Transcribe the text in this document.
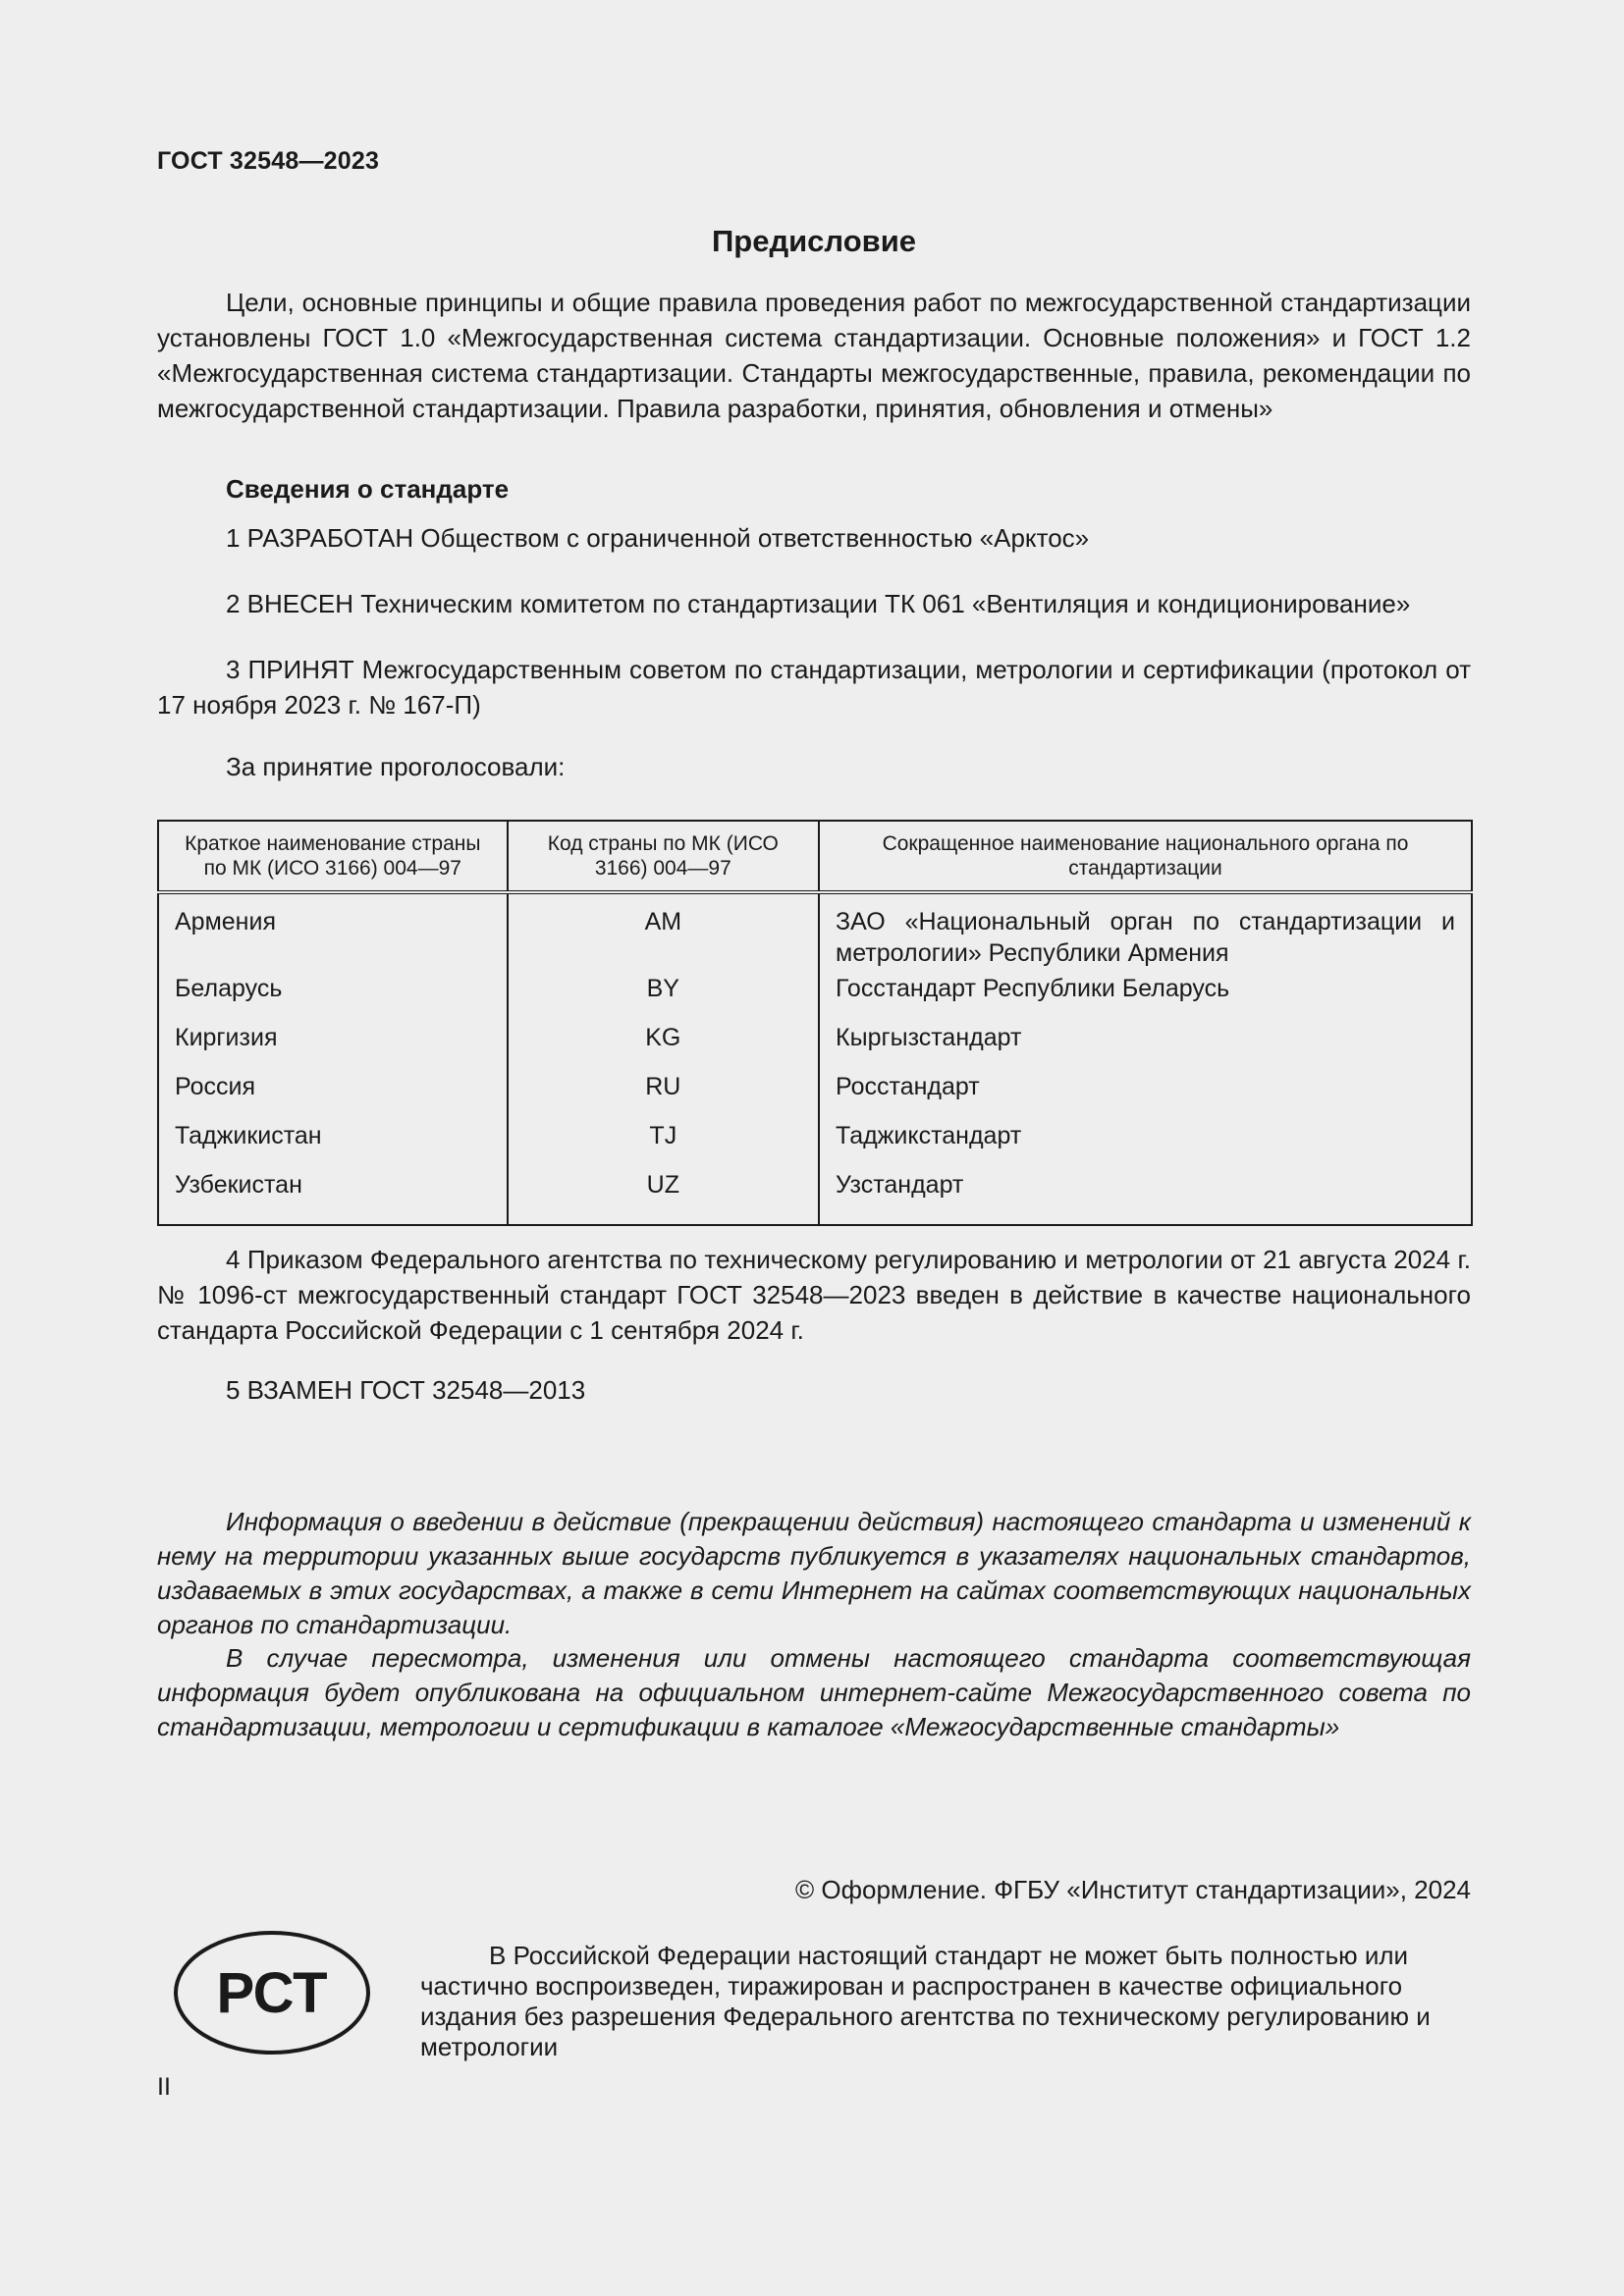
ГОСТ 32548—2023
Предисловие

Цели, основные принципы и общие правила проведения работ по межгосударственной стандартизации установлены ГОСТ 1.0 «Межгосударственная система стандартизации. Основные положения» и ГОСТ 1.2 «Межгосударственная система стандартизации. Стандарты межгосударственные, правила, рекомендации по межгосударственной стандартизации. Правила разработки, принятия, обновления и отмены»

Сведения о стандарте

1 РАЗРАБОТАН Обществом с ограниченной ответственностью «Арктос»

2 ВНЕСЕН Техническим комитетом по стандартизации ТК 061 «Вентиляция и кондиционирование»

3 ПРИНЯТ Межгосударственным советом по стандартизации, метрологии и сертификации (протокол от 17 ноября 2023 г. № 167-П)

За принятие проголосовали:

Краткое наименование страны по МК (ИСО 3166) 004—97	Код страны по МК (ИСО 3166) 004—97	Сокращенное наименование национального органа по стандартизации
Армения	AM	ЗАО «Национальный орган по стандартизации и метрологии» Республики Армения
Беларусь	BY	Госстандарт Республики Беларусь
Киргизия	KG	Кыргызстандарт
Россия	RU	Росстандарт
Таджикистан	TJ	Таджикстандарт
Узбекистан	UZ	Узстандарт

4 Приказом Федерального агентства по техническому регулированию и метрологии от 21 августа 2024 г. № 1096-ст межгосударственный стандарт ГОСТ 32548—2023 введен в действие в качестве национального стандарта Российской Федерации с 1 сентября 2024 г.

5 ВЗАМЕН ГОСТ 32548—2013

Информация о введении в действие (прекращении действия) настоящего стандарта и изменений к нему на территории указанных выше государств публикуется в указателях национальных стандартов, издаваемых в этих государствах, а также в сети Интернет на сайтах соответствующих национальных органов по стандартизации.

В случае пересмотра, изменения или отмены настоящего стандарта соответствующая информация будет опубликована на официальном интернет-сайте Межгосударственного совета по стандартизации, метрологии и сертификации в каталоге «Межгосударственные стандарты»

© Оформление. ФГБУ «Институт стандартизации», 2024
РСТ

В Российской Федерации настоящий стандарт не может быть полностью или частично воспроизведен, тиражирован и распространен в качестве официального издания без разрешения Федерального агентства по техническому регулированию и метрологии

II
